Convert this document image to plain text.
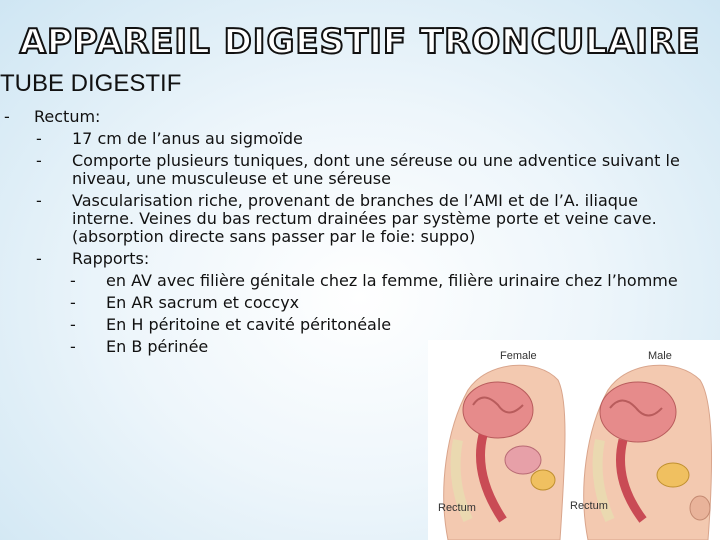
APPAREIL DIGESTIF TRONCULAIRE
TUBE DIGESTIF
- Rectum:
- 17 cm de l’anus au sigmoïde
- Comporte plusieurs tuniques, dont une séreuse ou une adventice suivant le niveau, une musculeuse et une séreuse
- Vascularisation riche, provenant de branches de l’AMI et de l’A. iliaque interne. Veines du bas rectum drainées par système porte et veine cave. (absorption directe sans passer par le foie: suppo)
- Rapports:
- en AV avec filière génitale chez la femme, filière urinaire chez l’homme
- En AR sacrum et coccyx
- En H péritoine et cavité péritonéale
- En B périnée	Female	Male
Rectum	Rectum
